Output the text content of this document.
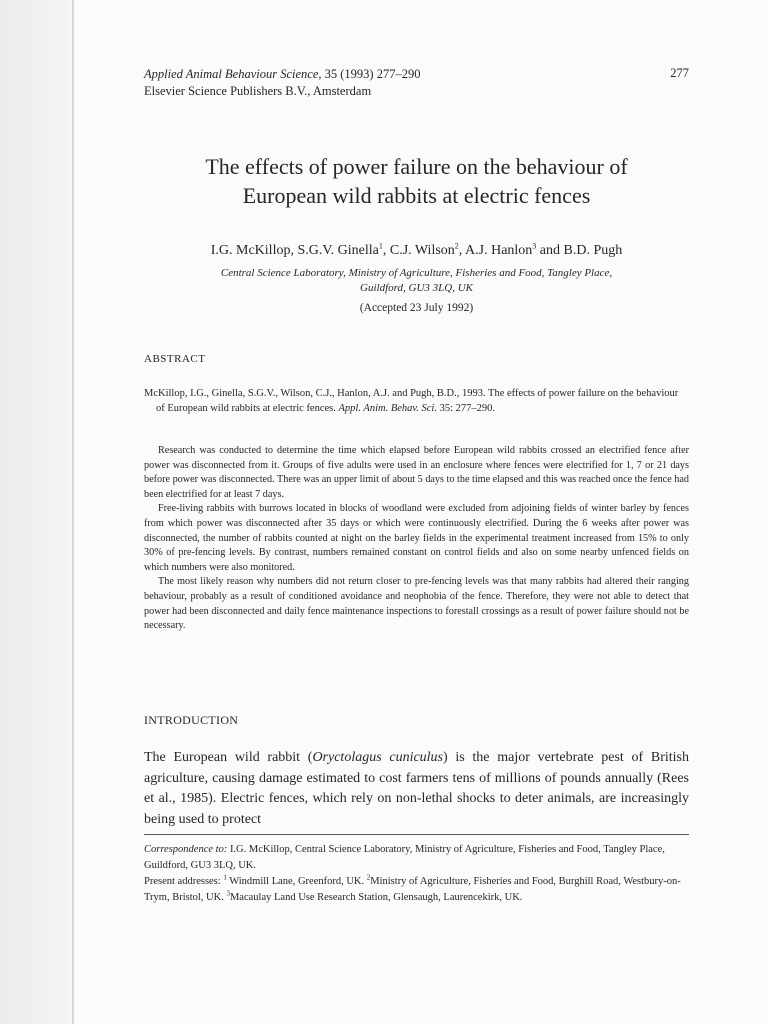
Applied Animal Behaviour Science, 35 (1993) 277–290
Elsevier Science Publishers B.V., Amsterdam
277
The effects of power failure on the behaviour of
European wild rabbits at electric fences
I.G. McKillop, S.G.V. Ginella$^1$, C.J. Wilson$^2$, A.J. Hanlon$^3$ and B.D. Pugh
Central Science Laboratory, Ministry of Agriculture, Fisheries and Food, Tangley Place,
Guildford, GU3 3LQ, UK
(Accepted 23 July 1992)
ABSTRACT
McKillop, I.G., Ginella, S.G.V., Wilson, C.J., Hanlon, A.J. and Pugh, B.D., 1993. The effects of power failure on the behaviour of European wild rabbits at electric fences. Appl. Anim. Behav. Sci. 35: 277–290.

Research was conducted to determine the time which elapsed before European wild rabbits crossed an electrified fence after power was disconnected from it. Groups of five adults were used in an enclosure where fences were electrified for 1, 7 or 21 days before power was disconnected. There was an upper limit of about 5 days to the time elapsed and this was reached once the fence had been electrified for at least 7 days.

Free-living rabbits with burrows located in blocks of woodland were excluded from adjoining fields of winter barley by fences from which power was disconnected after 35 days or which were continuously electrified. During the 6 weeks after power was disconnected, the number of rabbits counted at night on the barley fields in the experimental treatment increased from 15% to only 30% of pre-fencing levels. By contrast, numbers remained constant on control fields and also on some nearby unfenced fields on which numbers were also monitored.

The most likely reason why numbers did not return closer to pre-fencing levels was that many rabbits had altered their ranging behaviour, probably as a result of conditioned avoidance and neophobia of the fence. Therefore, they were not able to detect that power had been disconnected and daily fence maintenance inspections to forestall crossings as a result of power failure should not be necessary.

INTRODUCTION

The European wild rabbit (Oryctolagus cuniculus) is the major vertebrate pest of British agriculture, causing damage estimated to cost farmers tens of millions of pounds annually (Rees et al., 1985). Electric fences, which rely on non-lethal shocks to deter animals, are increasingly being used to protect

Correspondence to: I.G. McKillop, Central Science Laboratory, Ministry of Agriculture, Fisheries and Food, Tangley Place, Guildford, GU3 3LQ, UK.

Present addresses: $^1$ Windmill Lane, Greenford, UK. $^2$Ministry of Agriculture, Fisheries and Food, Burghill Road, Westbury-on-Trym, Bristol, UK. $^3$Macaulay Land Use Research Station, Glensaugh, Laurencekirk, UK.
